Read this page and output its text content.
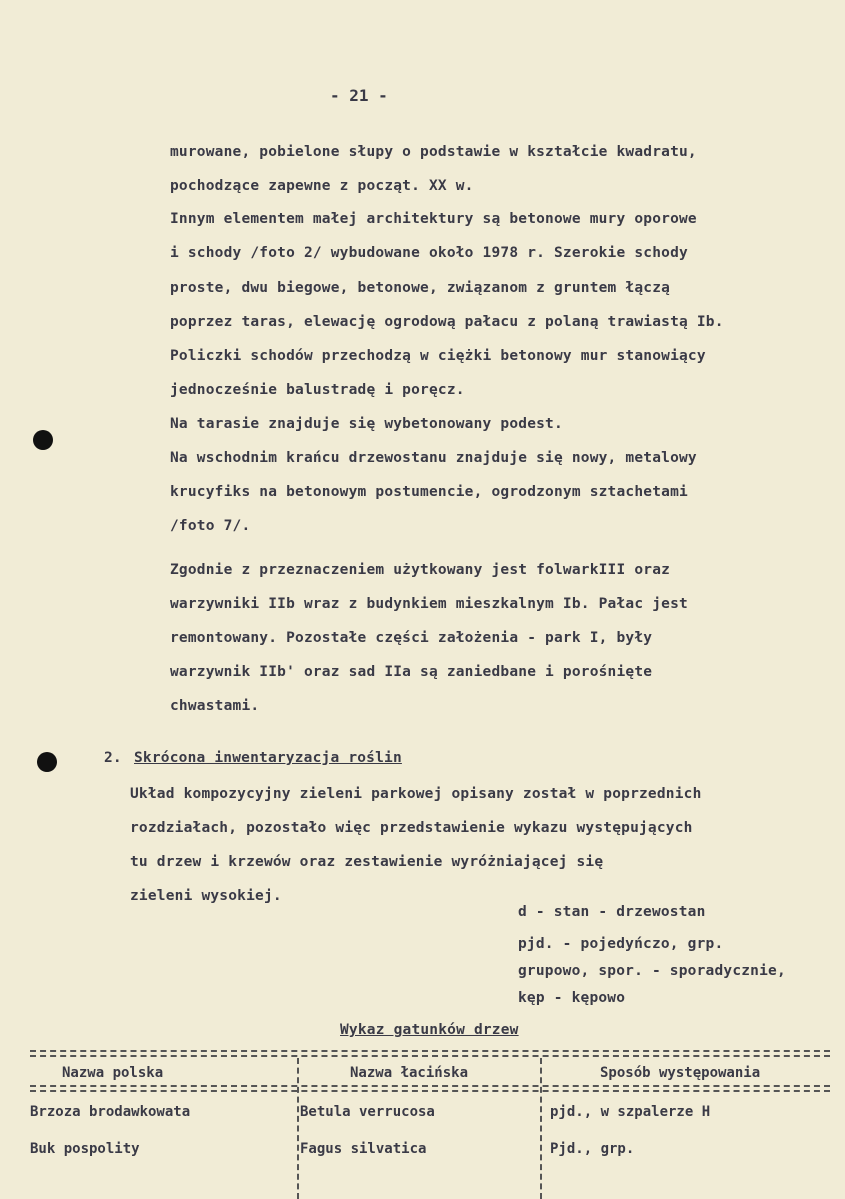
- 21 -
murowane, pobielone słupy o podstawie w kształcie kwadratu,
pochodzące zapewne z począt. XX w.
Innym elementem małej architektury są betonowe mury oporowe
i schody /foto 2/ wybudowane około 1978 r. Szerokie schody
proste, dwu biegowe, betonowe, związanom z gruntem łączą
poprzez taras, elewację ogrodową pałacu z polaną trawiastą Ib.
Policzki schodów przechodzą w ciężki betonowy mur stanowiący
jednocześnie balustradę i poręcz.
Na tarasie znajduje się wybetonowany podest.
Na wschodnim krańcu drzewostanu znajduje się nowy, metalowy
krucyfiks na betonowym postumencie, ogrodzonym sztachetami
/foto 7/.
Zgodnie z przeznaczeniem użytkowany jest folwarkIII oraz
warzywniki IIb wraz z budynkiem mieszkalnym Ib. Pałac jest
remontowany. Pozostałe części założenia - park I, były
warzywnik IIb' oraz sad IIa są zaniedbane i porośnięte
chwastami.
2. Skrócona inwentaryzacja roślin
Układ kompozycyjny zieleni parkowej opisany został w poprzednich
rozdziałach, pozostało więc przedstawienie wykazu występujących
tu drzew i krzewów oraz zestawienie wyróżniającej się
zieleni wysokiej.
d - stan - drzewostan
pjd. - pojedyńczo, grp.
grupowo, spor. - sporadycznie,
kęp - kępowo
Wykaz gatunków drzew
Nazwa polska	Nazwa łacińska	Sposób występowania
Brzoza brodawkowata	Betula verrucosa	pjd., w szpalerze H
Buk pospolity	Fagus silvatica	Pjd., grp.
